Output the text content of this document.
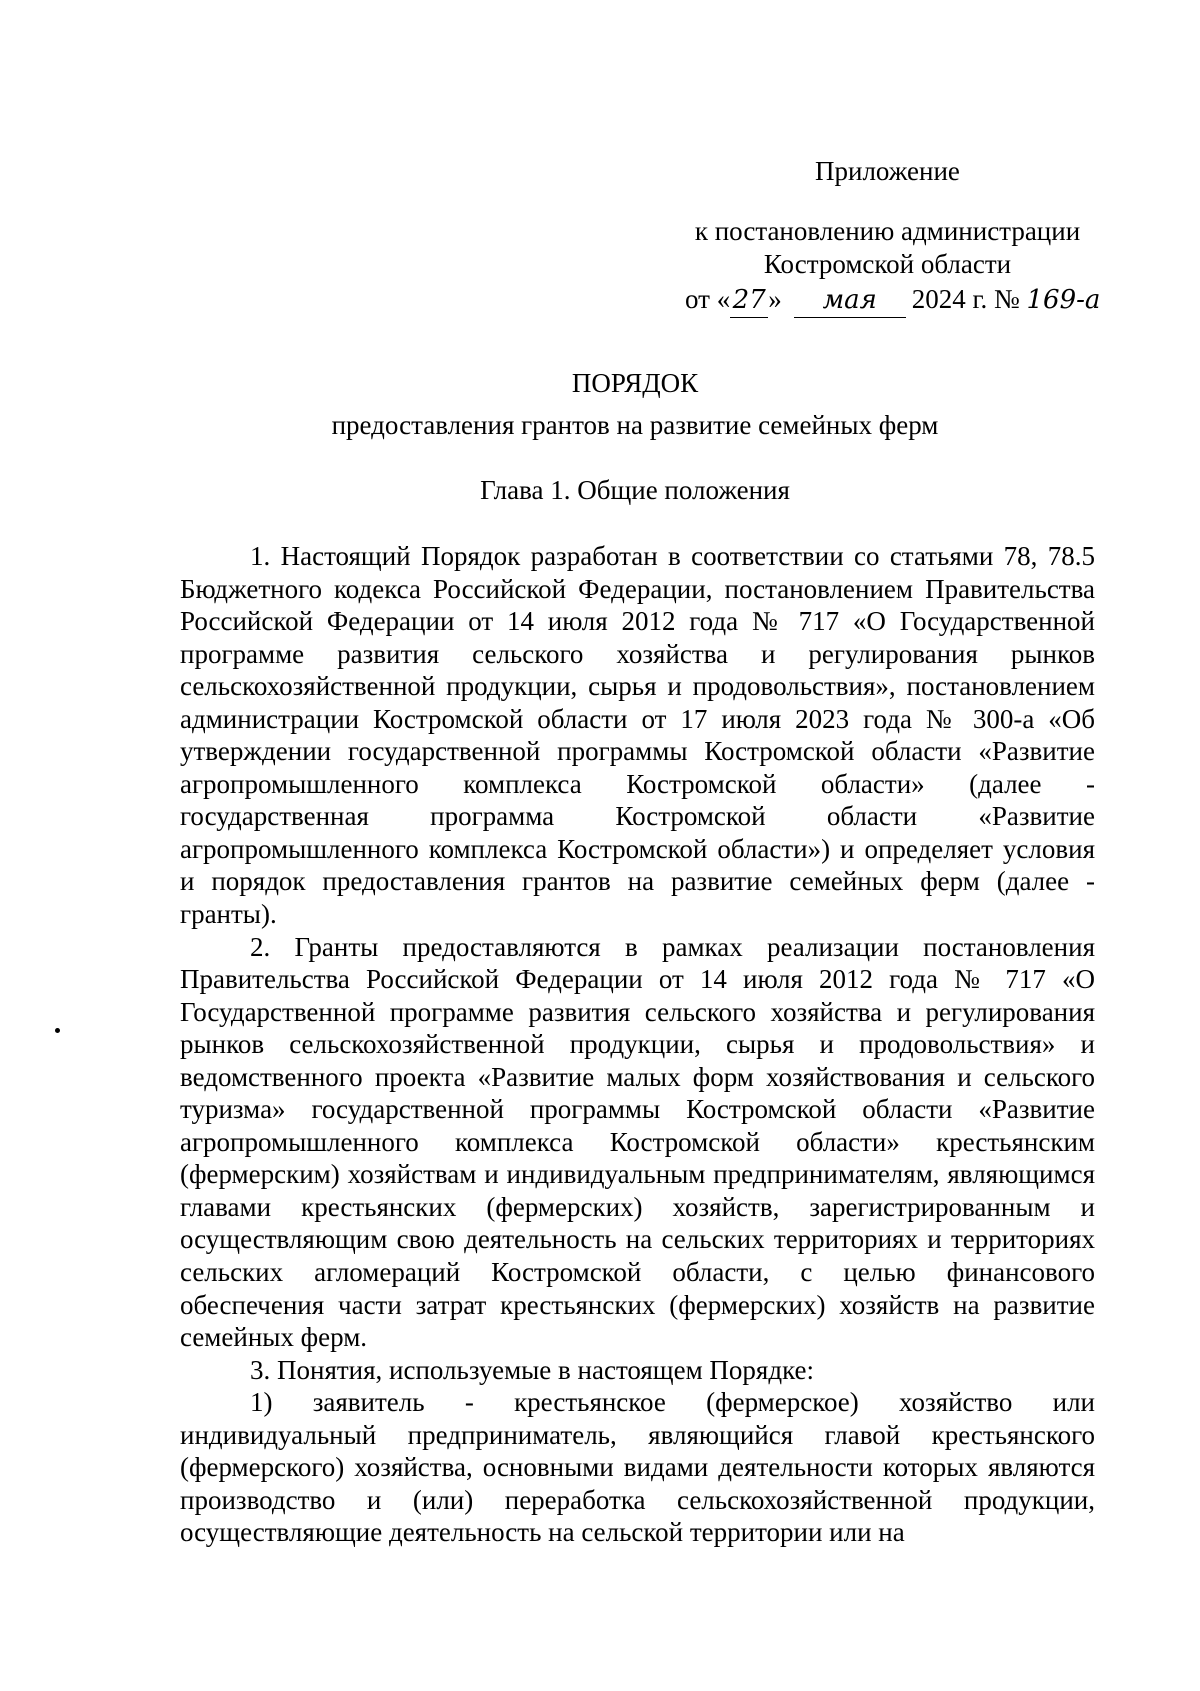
Приложение
к постановлению администрации
Костромской области
от «27» мая 2024 г. № 169-а
ПОРЯДОК
предоставления грантов на развитие семейных ферм
Глава 1. Общие положения

1. Настоящий Порядок разработан в соответствии со статьями 78, 78.5 Бюджетного кодекса Российской Федерации, постановлением Правительства Российской Федерации от 14 июля 2012 года № 717 «О Государственной программе развития сельского хозяйства и регулирования рынков сельскохозяйственной продукции, сырья и продовольствия», постановлением администрации Костромской области от 17 июля 2023 года № 300-а «Об утверждении государственной программы Костромской области «Развитие агропромышленного комплекса Костромской области» (далее - государственная программа Костромской области «Развитие агропромышленного комплекса Костромской области») и определяет условия и порядок предоставления грантов на развитие семейных ферм (далее - гранты).

2. Гранты предоставляются в рамках реализации постановления Правительства Российской Федерации от 14 июля 2012 года № 717 «О Государственной программе развития сельского хозяйства и регулирования рынков сельскохозяйственной продукции, сырья и продовольствия» и ведомственного проекта «Развитие малых форм хозяйствования и сельского туризма» государственной программы Костромской области «Развитие агропромышленного комплекса Костромской области» крестьянским (фермерским) хозяйствам и индивидуальным предпринимателям, являющимся главами крестьянских (фермерских) хозяйств, зарегистрированным и осуществляющим свою деятельность на сельских территориях и территориях сельских агломераций Костромской области, с целью финансового обеспечения части затрат крестьянских (фермерских) хозяйств на развитие семейных ферм.

3. Понятия, используемые в настоящем Порядке:

1) заявитель - крестьянское (фермерское) хозяйство или индивидуальный предприниматель, являющийся главой крестьянского (фермерского) хозяйства, основными видами деятельности которых являются производство и (или) переработка сельскохозяйственной продукции, осуществляющие деятельность на сельской территории или на
